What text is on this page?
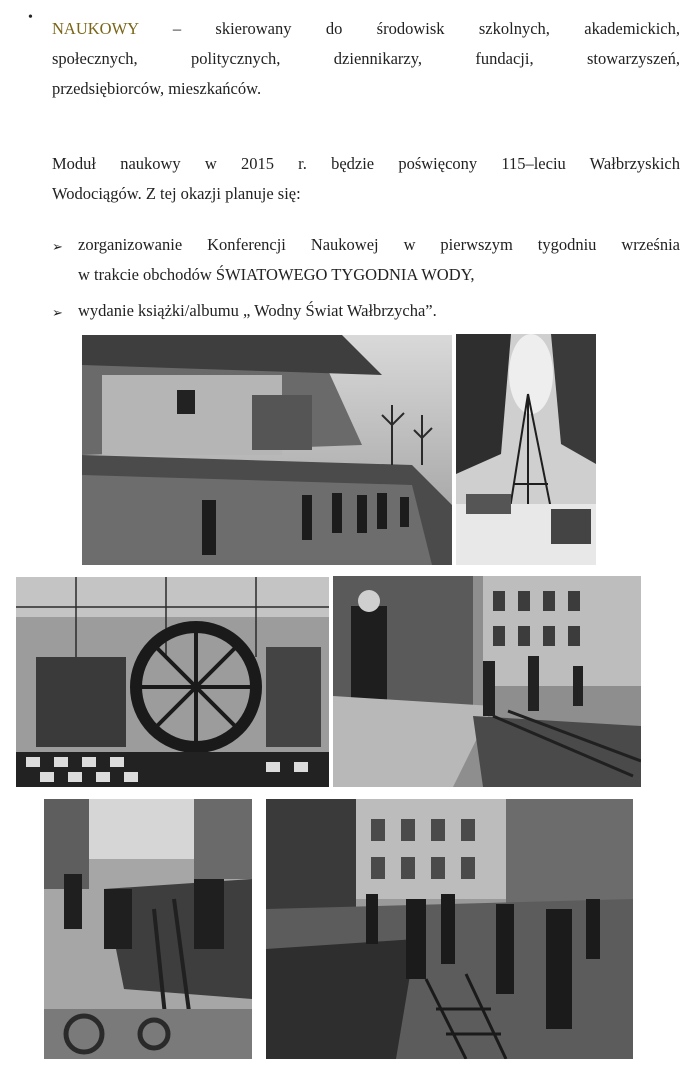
•
NAUKOWY – skierowany do środowisk szkolnych, akademickich,
społecznych, politycznych, dziennikarzy, fundacji, stowarzyszeń,
przedsiębiorców, mieszkańców.
Moduł naukowy w 2015 r. będzie poświęcony 115–leciu Wałbrzyskich
Wodociągów. Z tej okazji planuje się:
➢ zorganizowanie Konferencji Naukowej w pierwszym tygodniu września
w trakcie obchodów ŚWIATOWEGO TYGODNIA WODY,
➢ wydanie książki/albumu „ Wodny Świat Wałbrzycha”.
